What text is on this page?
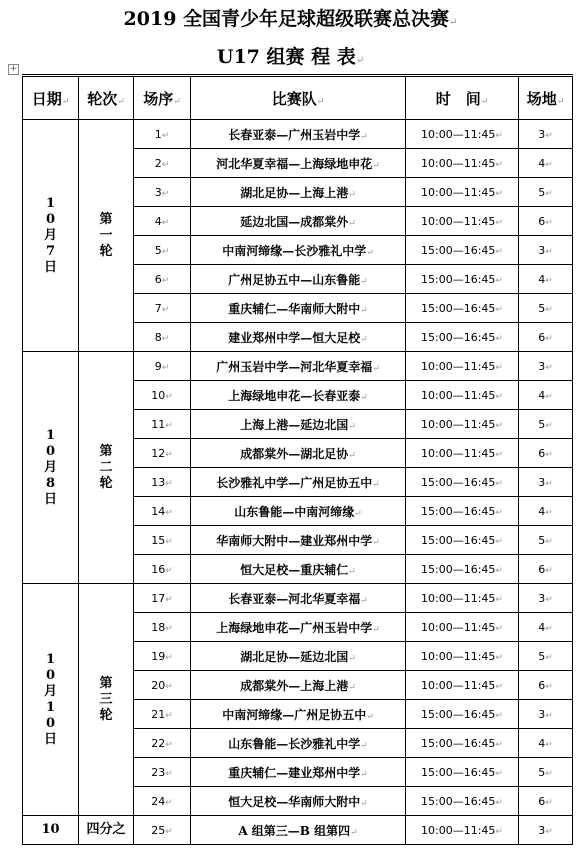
2019 全国青少年足球超级联赛总决赛↵
U17 组赛 程 表↵
+
日期↵	轮次↵	场序↵	比赛队↵	时　间↵	场地↵
10月7日	第一轮	1↵	长春亚泰—广州玉岩中学↵	10:00—11:45↵	3↵
		2↵	河北华夏幸福—上海绿地申花↵	10:00—11:45↵	4↵
		3↵	湖北足协—上海上港↵	10:00—11:45↵	5↵
		4↵	延边北国—成都棠外↵	10:00—11:45↵	6↵
		5↵	中南河缔缘—长沙雅礼中学↵	15:00—16:45↵	3↵
		6↵	广州足协五中—山东鲁能↵	15:00—16:45↵	4↵
		7↵	重庆辅仁—华南师大附中↵	15:00—16:45↵	5↵
		8↵	建业郑州中学—恒大足校↵	15:00—16:45↵	6↵
10月8日	第二轮	9↵	广州玉岩中学—河北华夏幸福↵	10:00—11:45↵	3↵
		10↵	上海绿地申花—长春亚泰↵	10:00—11:45↵	4↵
		11↵	上海上港—延边北国↵	10:00—11:45↵	5↵
		12↵	成都棠外—湖北足协↵	10:00—11:45↵	6↵
		13↵	长沙雅礼中学—广州足协五中↵	15:00—16:45↵	3↵
		14↵	山东鲁能—中南河缔缘↵	15:00—16:45↵	4↵
		15↵	华南师大附中—建业郑州中学↵	15:00—16:45↵	5↵
		16↵	恒大足校—重庆辅仁↵	15:00—16:45↵	6↵
10月10日	第三轮	17↵	长春亚泰—河北华夏幸福↵	10:00—11:45↵	3↵
		18↵	上海绿地申花—广州玉岩中学↵	10:00—11:45↵	4↵
		19↵	湖北足协—延边北国↵	10:00—11:45↵	5↵
		20↵	成都棠外—上海上港↵	10:00—11:45↵	6↵
		21↵	中南河缔缘—广州足协五中↵	15:00—16:45↵	3↵
		22↵	山东鲁能—长沙雅礼中学↵	15:00—16:45↵	4↵
		23↵	重庆辅仁—建业郑州中学↵	15:00—16:45↵	5↵
		24↵	恒大足校—华南师大附中↵	15:00—16:45↵	6↵
10	四分之	25↵	A 组第三—B 组第四↵	10:00—11:45↵	3↵
